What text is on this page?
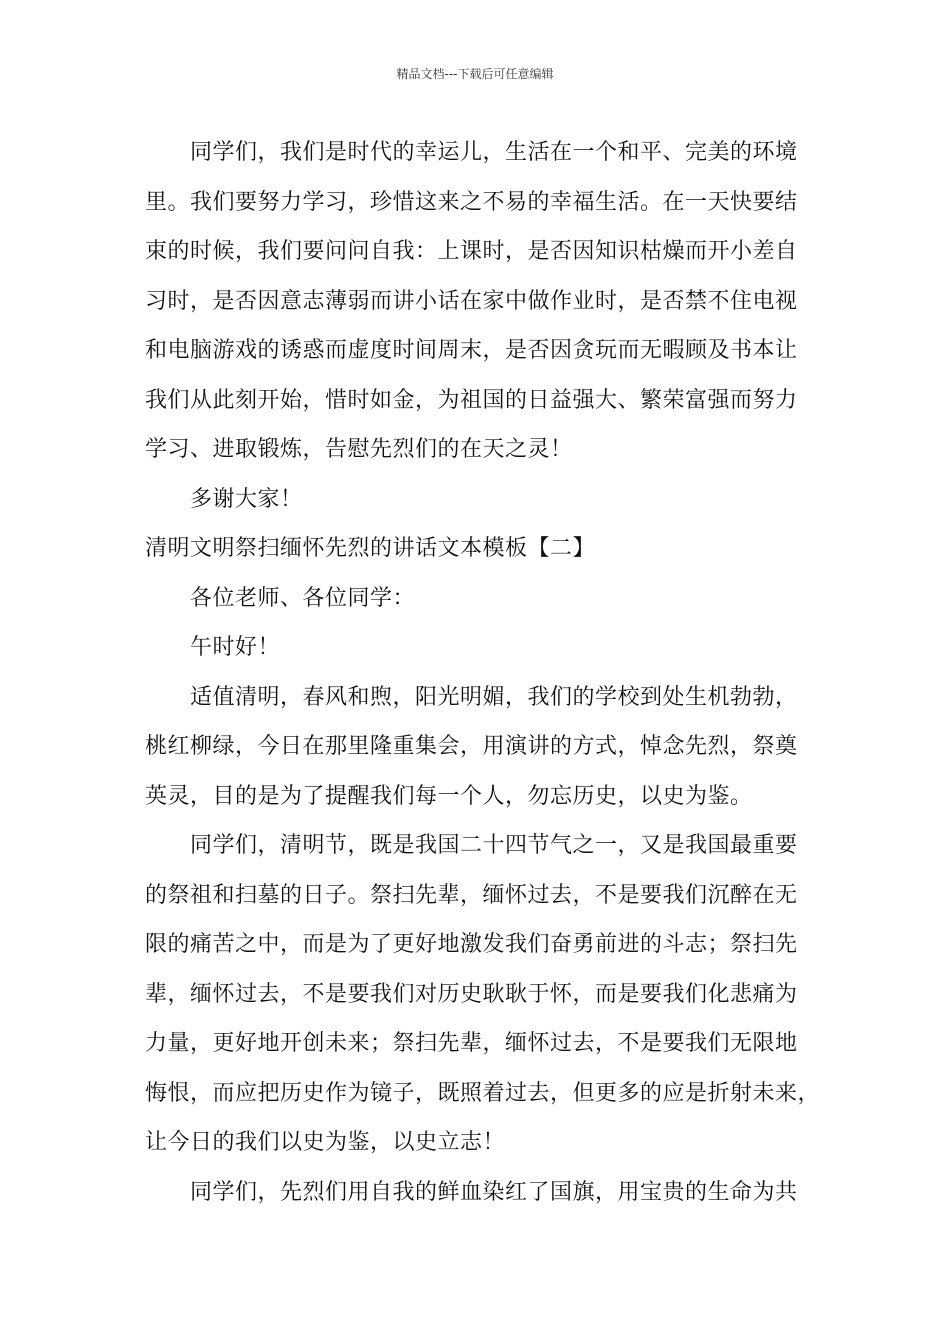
精品文档---下载后可任意编辑
同学们，我们是时代的幸运儿，生活在一个和平、完美的环境
里。我们要努力学习，珍惜这来之不易的幸福生活。在一天快要结
束的时候，我们要问问自我：上课时，是否因知识枯燥而开小差自
习时，是否因意志薄弱而讲小话在家中做作业时，是否禁不住电视
和电脑游戏的诱惑而虚度时间周末，是否因贪玩而无暇顾及书本让
我们从此刻开始，惜时如金，为祖国的日益强大、繁荣富强而努力
学习、进取锻炼，告慰先烈们的在天之灵！
多谢大家！
清明文明祭扫缅怀先烈的讲话文本模板【二】
各位老师、各位同学：
午时好！
适值清明，春风和煦，阳光明媚，我们的学校到处生机勃勃，
桃红柳绿，今日在那里隆重集会，用演讲的方式，悼念先烈，祭奠
英灵，目的是为了提醒我们每一个人，勿忘历史，以史为鉴。
同学们，清明节，既是我国二十四节气之一，又是我国最重要
的祭祖和扫墓的日子。祭扫先辈，缅怀过去，不是要我们沉醉在无
限的痛苦之中，而是为了更好地激发我们奋勇前进的斗志；祭扫先
辈，缅怀过去，不是要我们对历史耿耿于怀，而是要我们化悲痛为
力量，更好地开创未来；祭扫先辈，缅怀过去，不是要我们无限地
悔恨，而应把历史作为镜子，既照着过去，但更多的应是折射未来，
让今日的我们以史为鉴，以史立志！
同学们，先烈们用自我的鲜血染红了国旗，用宝贵的生命为共
